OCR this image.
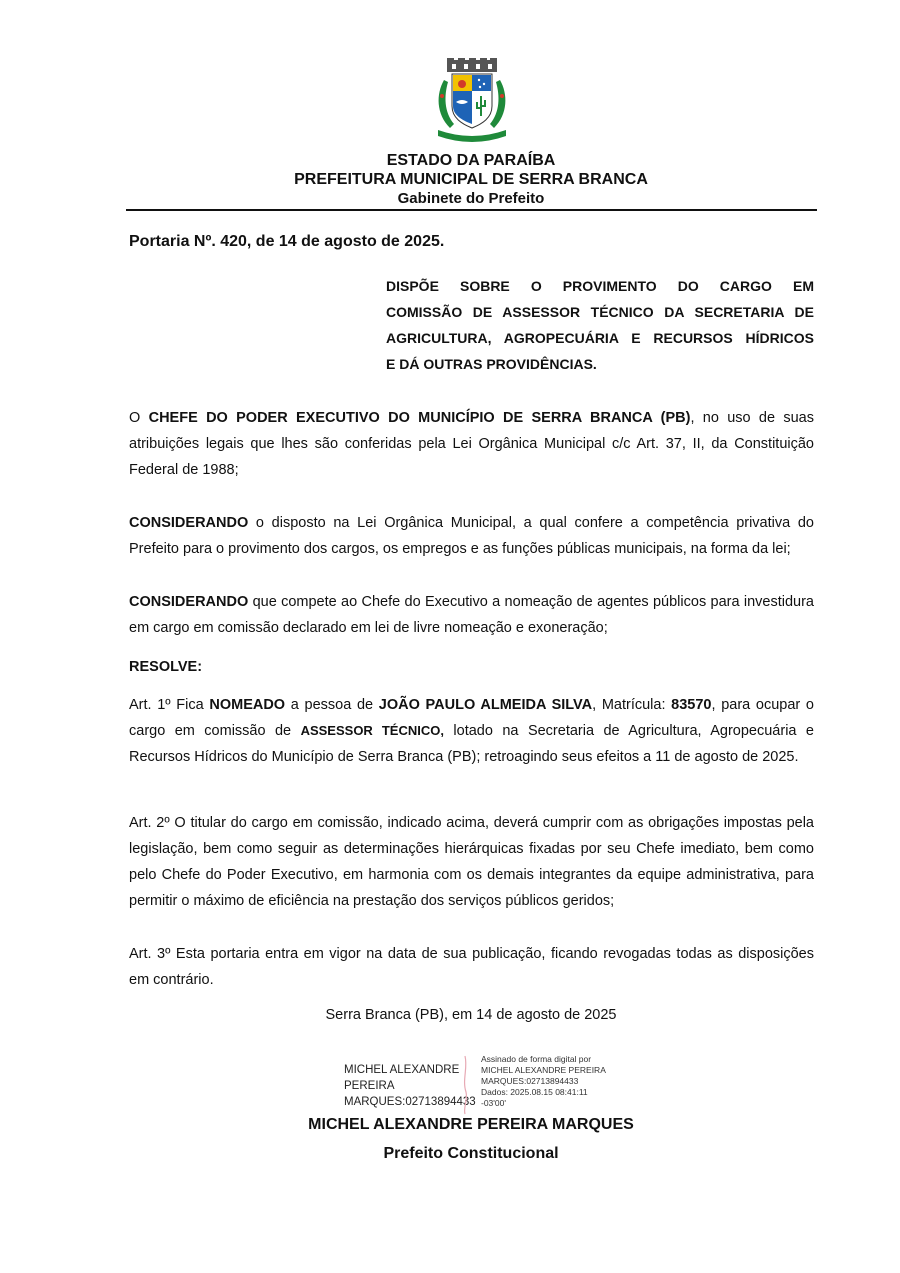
ESTADO DA PARAÍBA
PREFEITURA MUNICIPAL DE SERRA BRANCA
Gabinete do Prefeito
Portaria Nº. 420, de 14 de agosto de 2025.
DISPÕE SOBRE O PROVIMENTO DO CARGO EM
COMISSÃO DE ASSESSOR TÉCNICO DA SECRETARIA DE
AGRICULTURA, AGROPECUÁRIA E RECURSOS HÍDRICOS
E DÁ OUTRAS PROVIDÊNCIAS.
O CHEFE DO PODER EXECUTIVO DO MUNICÍPIO DE SERRA BRANCA (PB), no uso de suas atribuições legais que lhes são conferidas pela Lei Orgânica Municipal c/c Art. 37, II, da Constituição Federal de 1988;
CONSIDERANDO o disposto na Lei Orgânica Municipal, a qual confere a competência privativa do Prefeito para o provimento dos cargos, os empregos e as funções públicas municipais, na forma da lei;
CONSIDERANDO que compete ao Chefe do Executivo a nomeação de agentes públicos para investidura em cargo em comissão declarado em lei de livre nomeação e exoneração;
RESOLVE:
Art. 1º Fica NOMEADO a pessoa de JOÃO PAULO ALMEIDA SILVA, Matrícula: 83570, para ocupar o cargo em comissão de ASSESSOR TÉCNICO, lotado na Secretaria de Agricultura, Agropecuária e Recursos Hídricos do Município de Serra Branca (PB); retroagindo seus efeitos a 11 de agosto de 2025.
Art. 2º O titular do cargo em comissão, indicado acima, deverá cumprir com as obrigações impostas pela legislação, bem como seguir as determinações hierárquicas fixadas por seu Chefe imediato, bem como pelo Chefe do Poder Executivo, em harmonia com os demais integrantes da equipe administrativa, para permitir o máximo de eficiência na prestação dos serviços públicos geridos;
Art. 3º Esta portaria entra em vigor na data de sua publicação, ficando revogadas todas as disposições em contrário.
Serra Branca (PB), em 14 de agosto de 2025
MICHEL ALEXANDRE
PEREIRA
MARQUES:02713894433
Assinado de forma digital por
MICHEL ALEXANDRE PEREIRA
MARQUES:02713894433
Dados: 2025.08.15 08:41:11
-03'00'
MICHEL ALEXANDRE PEREIRA MARQUES
Prefeito Constitucional
